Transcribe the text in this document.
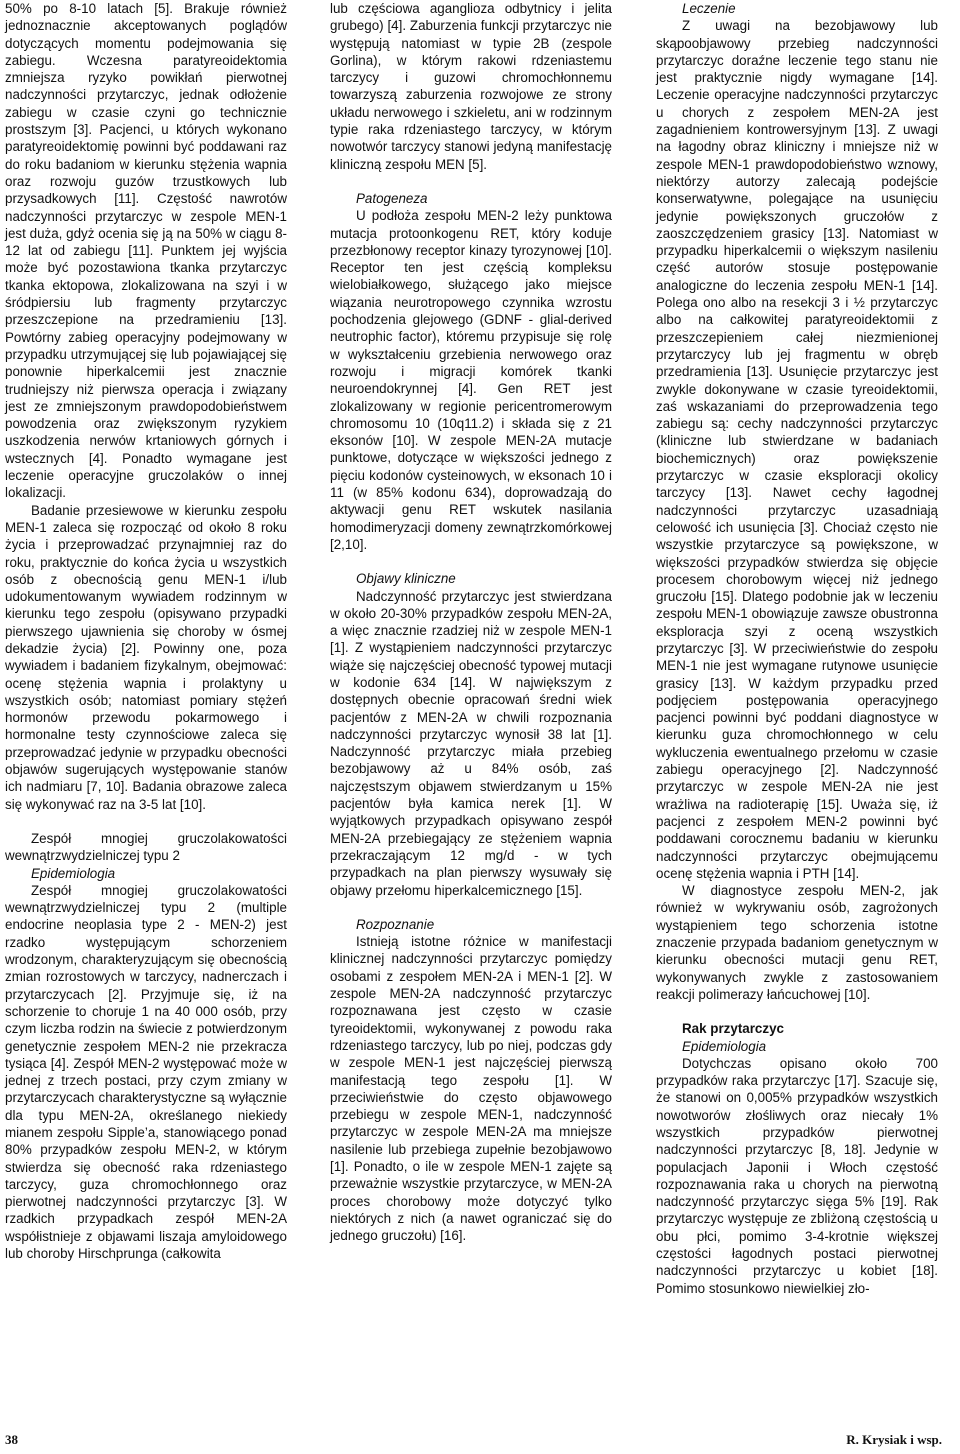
50% po 8-10 latach [5]. Brakuje również jednoznacznie akceptowanych poglądów dotyczących momentu podejmowania się zabiegu. Wczesna paratyreoidektomia zmniejsza ryzyko powikłań pierwotnej nadczynności przytarczyc, jednak odłożenie zabiegu w czasie czyni go technicznie prostszym [3]. Pacjenci, u których wykonano paratyreoidektomię powinni być poddawani raz do roku badaniom w kierunku stężenia wapnia oraz rozwoju guzów trzustkowych lub przysadkowych [11]. Częstość nawrotów nadczynności przytarczyc w zespole MEN-1 jest duża, gdyż ocenia się ją na 50% w ciągu 8-12 lat od zabiegu [11]. Punktem jej wyjścia może być pozostawiona tkanka przytarczyc tkanka ektopowa, zlokalizowana na szyi i w śródpiersiu lub fragmenty przytarczyc przeszczepione na przedramieniu [13]. Powtórny zabieg operacyjny podejmowany w przypadku utrzymującej się lub pojawiającej się ponownie hiperkalcemii jest znacznie trudniejszy niż pierwsza operacja i związany jest ze zmniejszonym prawdopodobieństwem powodzenia oraz zwiększonym ryzykiem uszkodzenia nerwów krtaniowych górnych i wstecznych [4]. Ponadto wymagane jest leczenie operacyjne gruczolaków o innej lokalizacji.

Badanie przesiewowe w kierunku zespołu MEN-1 zaleca się rozpocząć od około 8 roku życia i przeprowadzać przynajmniej raz do roku, praktycznie do końca życia u wszystkich osób z obecnością genu MEN-1 i/lub udokumentowanym wywiadem rodzinnym w kierunku tego zespołu (opisywano przypadki pierwszego ujawnienia się choroby w ósmej dekadzie życia) [2]. Powinny one, poza wywiadem i badaniem fizykalnym, obejmować: ocenę stężenia wapnia i prolaktyny u wszystkich osób; natomiast pomiary stężeń hormonów przewodu pokarmowego i hormonalne testy czynnościowe zaleca się przeprowadzać jedynie w przypadku obecności objawów sugerujących występowanie stanów ich nadmiaru [7, 10]. Badania obrazowe zaleca się wykonywać raz na 3-5 lat [10].

Zespół mnogiej gruczolakowatości wewnątrzwydzielniczej typu 2

Epidemiologia

Zespół mnogiej gruczolakowatości wewnątrzwydzielniczej typu 2 (multiple endocrine neoplasia type 2 - MEN-2) jest rzadko występującym schorzeniem wrodzonym, charakteryzującym się obecnością zmian rozrostowych w tarczycy, nadnerczach i przytarczycach [2]. Przyjmuje się, iż na schorzenie to choruje 1 na 40 000 osób, przy czym liczba rodzin na świecie z potwierdzonym genetycznie zespołem MEN-2 nie przekracza tysiąca [4]. Zespół MEN-2 występować może w jednej z trzech postaci, przy czym zmiany w przytarczycach charakterystyczne są wyłącznie dla typu MEN-2A, określanego niekiedy mianem zespołu Sipple’a, stanowiącego ponad 80% przypadków zespołu MEN-2, w którym stwierdza się obecność raka rdzeniastego tarczycy, guza chromochłonnego oraz pierwotnej nadczynności przytarczyc [3]. W rzadkich przypadkach zespół MEN-2A współistnieje z objawami liszaja amyloidowego lub choroby Hirschprunga (całkowita

lub częściowa aganglioza odbytnicy i jelita grubego) [4]. Zaburzenia funkcji przytarczyc nie występują natomiast w typie 2B (zespole Gorlina), w którym rakowi rdzeniastemu tarczycy i guzowi chromochłonnemu towarzyszą zaburzenia rozwojowe ze strony układu nerwowego i szkieletu, ani w rodzinnym typie raka rdzeniastego tarczycy, w którym nowotwór tarczycy stanowi jedyną manifestację kliniczną zespołu MEN [5].

Patogeneza

U podłoża zespołu MEN-2 leży punktowa mutacja protoonkogenu RET, który koduje przezbłonowy receptor kinazy tyrozynowej [10]. Receptor ten jest częścią kompleksu wielobiałkowego, służącego jako miejsce wiązania neurotropowego czynnika wzrostu pochodzenia glejowego (GDNF - glial-derived neutrophic factor), któremu przypisuje się rolę w wykształceniu grzebienia nerwowego oraz rozwoju i migracji komórek tkanki neuroendokrynnej [4]. Gen RET jest zlokalizowany w regionie pericentromerowym chromosomu 10 (10q11.2) i składa się z 21 eksonów [10]. W zespole MEN-2A mutacje punktowe, dotyczące w większości jednego z pięciu kodonów cysteinowych, w eksonach 10 i 11 (w 85% kodonu 634), doprowadzają do aktywacji genu RET wskutek nasilania homodimeryzacji domeny zewnątrzkomórkowej [2,10].

Objawy kliniczne

Nadczynność przytarczyc jest stwierdzana w około 20-30% przypadków zespołu MEN-2A, a więc znacznie rzadziej niż w zespole MEN-1 [1]. Z wystąpieniem nadczynności przytarczyc wiąże się najczęściej obecność typowej mutacji w kodonie 634 [14]. W największym z dostępnych obecnie opracowań średni wiek pacjentów z MEN-2A w chwili rozpoznania nadczynności przytarczyc wynosił 38 lat [1]. Nadczynność przytarczyc miała przebieg bezobjawowy aż u 84% osób, zaś najczęstszym objawem stwierdzanym u 15% pacjentów była kamica nerek [1]. W wyjątkowych przypadkach opisywano zespół MEN-2A przebiegający ze stężeniem wapnia przekraczającym 12 mg/d - w tych przypadkach na plan pierwszy wysuwały się objawy przełomu hiperkalcemicznego [15].

Rozpoznanie

Istnieją istotne różnice w manifestacji klinicznej nadczynności przytarczyc pomiędzy osobami z zespołem MEN-2A i MEN-1 [2]. W zespole MEN-2A nadczynność przytarczyc rozpoznawana jest często w czasie tyreoidektomii, wykonywanej z powodu raka rdzeniastego tarczycy, lub po niej, podczas gdy w zespole MEN-1 jest najczęściej pierwszą manifestacją tego zespołu [1]. W przeciwieństwie do często objawowego przebiegu w zespole MEN-1, nadczynność przytarczyc w zespole MEN-2A ma mniejsze nasilenie lub przebiega zupełnie bezobjawowo [1]. Ponadto, o ile w zespole MEN-1 zajęte są przeważnie wszystkie przytarczyce, w MEN-2A proces chorobowy może dotyczyć tylko niektórych z nich (a nawet ograniczać się do jednego gruczołu) [16].

Leczenie

Z uwagi na bezobjawowy lub skąpoobjawowy przebieg nadczynności przytarczyc doraźne leczenie tego stanu nie jest praktycznie nigdy wymagane [14]. Leczenie operacyjne nadczynności przytarczyc u chorych z zespołem MEN-2A jest zagadnieniem kontrowersyjnym [13]. Z uwagi na łagodny obraz kliniczny i mniejsze niż w zespole MEN-1 prawdopodobieństwo wznowy, niektórzy autorzy zalecają podejście konserwatywne, polegające na usunięciu jedynie powiększonych gruczołów z zaoszczędzeniem grasicy [13]. Natomiast w przypadku hiperkalcemii o większym nasileniu część autorów stosuje postępowanie analogiczne do leczenia zespołu MEN-1 [14]. Polega ono albo na resekcji 3 i ½ przytarczyc albo na całkowitej paratyreoidektomii z przeszczepieniem całej niezmienionej przytarczycy lub jej fragmentu w obręb przedramienia [13]. Usunięcie przytarczyc jest zwykle dokonywane w czasie tyreoidektomii, zaś wskazaniami do przeprowadzenia tego zabiegu są: cechy nadczynności przytarczyc (kliniczne lub stwierdzane w badaniach biochemicznych) oraz powiększenie przytarczyc w czasie eksploracji okolicy tarczycy [13]. Nawet cechy łagodnej nadczynności przytarczyc uzasadniają celowość ich usunięcia [3]. Chociaż często nie wszystkie przytarczyce są powiększone, w większości przypadków stwierdza się objęcie procesem chorobowym więcej niż jednego gruczołu [15]. Dlatego podobnie jak w leczeniu zespołu MEN-1 obowiązuje zawsze obustronna eksploracja szyi z oceną wszystkich przytarczyc [3]. W przeciwieństwie do zespołu MEN-1 nie jest wymagane rutynowe usunięcie grasicy [13]. W każdym przypadku przed podjęciem postępowania operacyjnego pacjenci powinni być poddani diagnostyce w kierunku guza chromochłonnego w celu wykluczenia ewentualnego przełomu w czasie zabiegu operacyjnego [2]. Nadczynność przytarczyc w zespole MEN-2A nie jest wrażliwa na radioterapię [15]. Uważa się, iż pacjenci z zespołem MEN-2 powinni być poddawani corocznemu badaniu w kierunku nadczynności przytarczyc obejmującemu ocenę stężenia wapnia i PTH [14].

W diagnostyce zespołu MEN-2, jak również w wykrywaniu osób, zagrożonych wystąpieniem tego schorzenia istotne znaczenie przypada badaniom genetycznym w kierunku obecności mutacji genu RET, wykonywanych zwykle z zastosowaniem reakcji polimerazy łańcuchowej [10].

Rak przytarczyc

Epidemiologia

Dotychczas opisano około 700 przypadków raka przytarczyc [17]. Szacuje się, że stanowi on 0,005% przypadków wszystkich nowotworów złośliwych oraz niecały 1% wszystkich przypadków pierwotnej nadczynności przytarczyc [8, 18]. Jedynie w populacjach Japonii i Włoch częstość rozpoznawania raka u chorych na pierwotną nadczynność przytarczyc sięga 5% [19]. Rak przytarczyc występuje ze zbliżoną częstością u obu płci, pomimo 3-4-krotnie większej częstości łagodnych postaci pierwotnej nadczynności przytarczyc u kobiet [18]. Pomimo stosunkowo niewielkiej zło-

38	R. Krysiak i wsp.
